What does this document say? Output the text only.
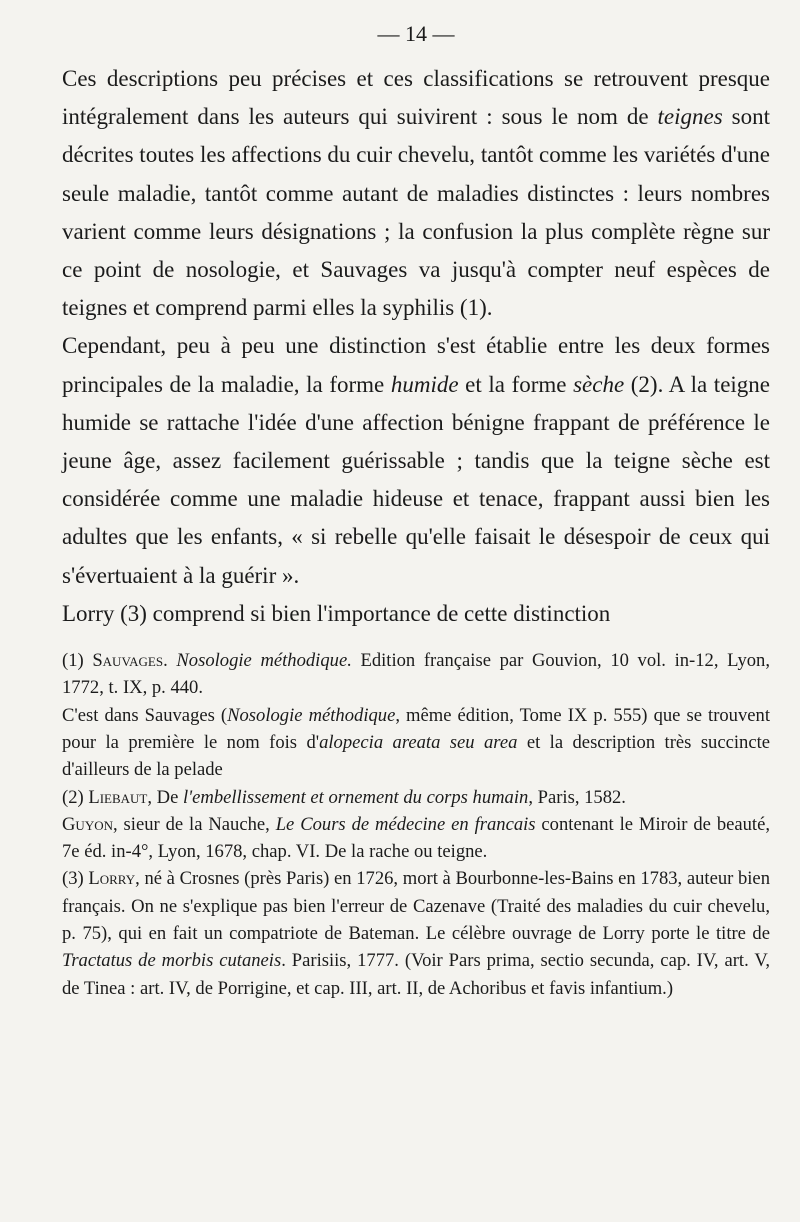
— 14 —

Ces descriptions peu précises et ces classifications se retrouvent presque intégralement dans les auteurs qui suivirent : sous le nom de teignes sont décrites toutes les affections du cuir chevelu, tantôt comme les variétés d'une seule maladie, tantôt comme autant de maladies distinctes : leurs nombres varient comme leurs désignations ; la confusion la plus complète règne sur ce point de nosologie, et Sauvages va jusqu'à compter neuf espèces de teignes et comprend parmi elles la syphilis (1).

Cependant, peu à peu une distinction s'est établie entre les deux formes principales de la maladie, la forme humide et la forme sèche (2). A la teigne humide se rattache l'idée d'une affection bénigne frappant de préférence le jeune âge, assez facilement guérissable ; tandis que la teigne sèche est considérée comme une maladie hideuse et tenace, frappant aussi bien les adultes que les enfants, « si rebelle qu'elle faisait le désespoir de ceux qui s'évertuaient à la guérir ».

Lorry (3) comprend si bien l'importance de cette distinction

(1) Sauvages. Nosologie méthodique. Edition française par Gouvion, 10 vol. in-12, Lyon, 1772, t. IX, p. 440.

C'est dans Sauvages (Nosologie méthodique, même édition, Tome IX p. 555) que se trouvent pour la première le nom fois d'alopecia areata seu area et la description très succincte d'ailleurs de la pelade

(2) Liebaut, De l'embellissement et ornement du corps humain, Paris, 1582.

Guyon, sieur de la Nauche, Le Cours de médecine en francais contenant le Miroir de beauté, 7e éd. in-4°, Lyon, 1678, chap. VI. De la rache ou teigne.

(3) Lorry, né à Crosnes (près Paris) en 1726, mort à Bourbonne-les-Bains en 1783, auteur bien français. On ne s'explique pas bien l'erreur de Cazenave (Traité des maladies du cuir chevelu, p. 75), qui en fait un compatriote de Bateman. Le célèbre ouvrage de Lorry porte le titre de Tractatus de morbis cutaneis. Parisiis, 1777. (Voir Pars prima, sectio secunda, cap. IV, art. V, de Tinea : art. IV, de Porrigine, et cap. III, art. II, de Achoribus et favis infantium.)
